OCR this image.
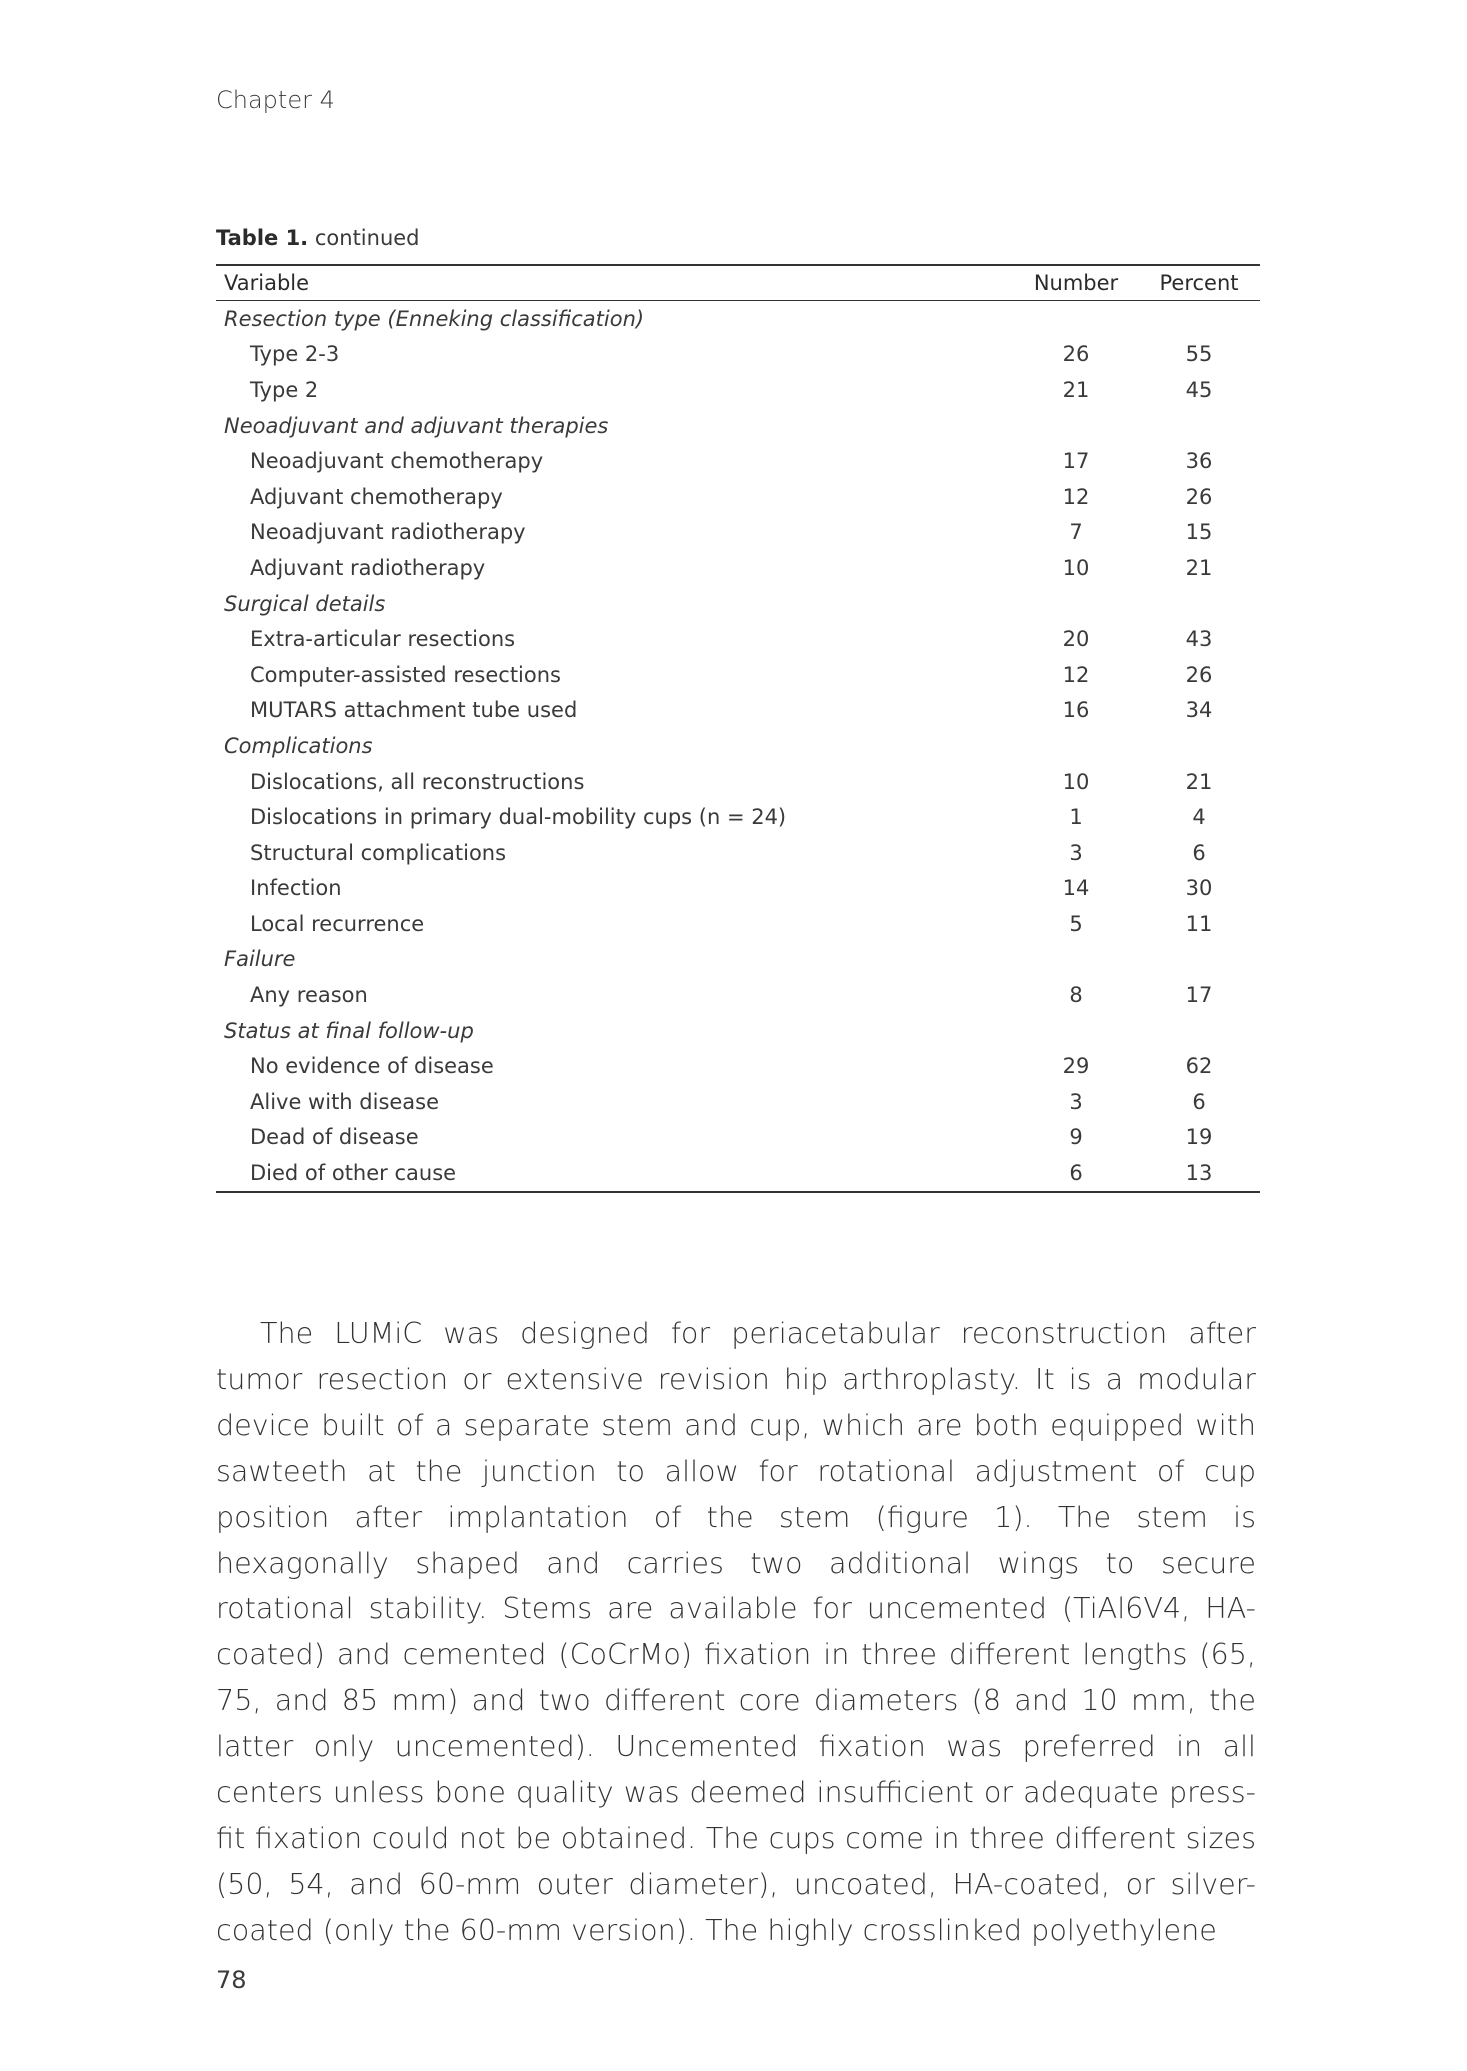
Chapter 4
Table 1. continued
Variable	Number	Percent
Resection type (Enneking classification)		
Type 2-3	26	55
Type 2	21	45
Neoadjuvant and adjuvant therapies		
Neoadjuvant chemotherapy	17	36
Adjuvant chemotherapy	12	26
Neoadjuvant radiotherapy	7	15
Adjuvant radiotherapy	10	21
Surgical details		
Extra-articular resections	20	43
Computer-assisted resections	12	26
MUTARS attachment tube used	16	34
Complications		
Dislocations, all reconstructions	10	21
Dislocations in primary dual-mobility cups (n = 24)	1	4
Structural complications	3	6
Infection	14	30
Local recurrence	5	11
Failure		
Any reason	8	17
Status at final follow-up		
No evidence of disease	29	62
Alive with disease	3	6
Dead of disease	9	19
Died of other cause	6	13

The LUMiC was designed for periacetabular reconstruction after tumor resection or extensive revision hip arthroplasty. It is a modular device built of a separate stem and cup, which are both equipped with sawteeth at the junction to allow for rotational adjustment of cup position after implantation of the stem (figure 1). The stem is hexagonally shaped and carries two additional wings to secure rotational stability. Stems are available for uncemented (TiAl6V4, HA-coated) and cemented (CoCrMo) fixation in three different lengths (65, 75, and 85 mm) and two different core diameters (8 and 10 mm, the latter only uncemented). Uncemented fixation was preferred in all centers unless bone quality was deemed insufficient or adequate press-fit fixation could not be obtained. The cups come in three different sizes (50, 54, and 60-mm outer diameter), uncoated, HA-coated, or silver-coated (only the 60-mm version). The highly crosslinked polyethylene

78
